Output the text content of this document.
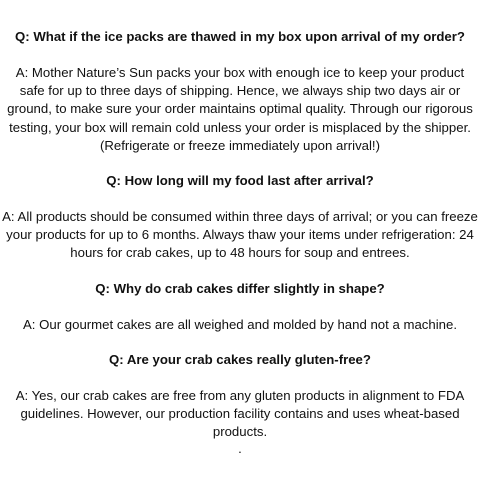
Q: What if the ice packs are thawed in my box upon arrival of my order?

A: Mother Nature’s Sun packs your box with enough ice to keep your product safe for up to three days of shipping. Hence, we always ship two days air or ground, to make sure your order maintains optimal quality. Through our rigorous testing, your box will remain cold unless your order is misplaced by the shipper. (Refrigerate or freeze immediately upon arrival!)

Q: How long will my food last after arrival?

A: All products should be consumed within three days of arrival; or you can freeze your products for up to 6 months. Always thaw your items under refrigeration: 24 hours for crab cakes, up to 48 hours for soup and entrees.

Q: Why do crab cakes differ slightly in shape?

A: Our gourmet cakes are all weighed and molded by hand not a machine.

Q: Are your crab cakes really gluten-free?

A: Yes, our crab cakes are free from any gluten products in alignment to FDA guidelines. However, our production facility contains and uses wheat-based products.

.
